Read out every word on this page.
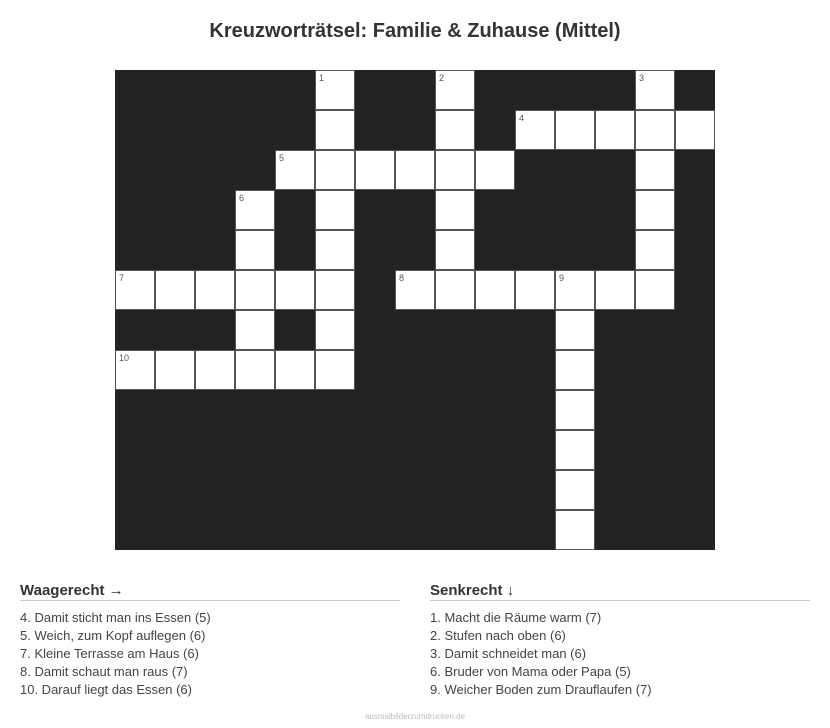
Kreuzworträtsel: Familie & Zuhause (Mittel)
1	2	3
4
5
6
7	8	9
10
Waagerecht →
4. Damit sticht man ins Essen (5)
5. Weich, zum Kopf auflegen (6)
7. Kleine Terrasse am Haus (6)
8. Damit schaut man raus (7)
10. Darauf liegt das Essen (6)
Senkrecht ↓
1. Macht die Räume warm (7)
2. Stufen nach oben (6)
3. Damit schneidet man (6)
6. Bruder von Mama oder Papa (5)
9. Weicher Boden zum Drauflaufen (7)
ausmalbilderzumdrucken.de
